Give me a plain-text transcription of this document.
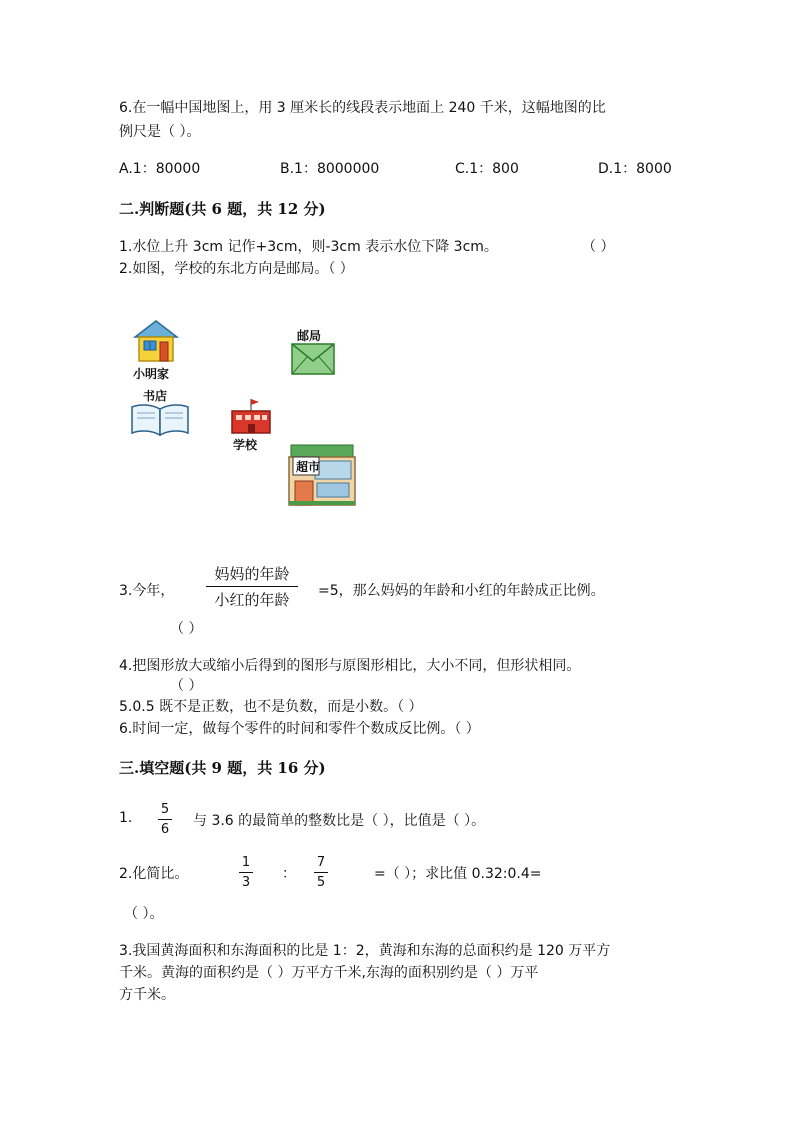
6.在一幅中国地图上，用 3 厘米长的线段表示地面上 240 千米，这幅地图的比
例尺是（ ）。
A.1：80000	B.1：8000000	C.1：800	D.1：8000
二.判断题(共 6 题，共 12 分)
1.水位上升 3cm 记作+3cm，则-3cm 表示水位下降 3cm。	（ ）
2.如图，学校的东北方向是邮局。（ ）
小明家
邮局
书店
学校
超市
3.今年，
妈妈的年龄
小红的年龄	=5，那么妈妈的年龄和小红的年龄成正比例。
（ ）
4.把图形放大或缩小后得到的图形与原图形相比，大小不同，但形状相同。
（ ）
5.0.5 既不是正数，也不是负数，而是小数。（ ）
6.时间一定，做每个零件的时间和零件个数成反比例。（ ）
三.填空题(共 9 题，共 16 分)
1.
5
6
与 3.6 的最简单的整数比是（ ），比值是（ ）。
2.化简比。
1
3
：
7
5
=（ ）；求比值 0.32:0.4=
（ ）。
3.我国黄海面积和东海面积的比是 1：2，黄海和东海的总面积约是 120 万平方
千米。黄海的面积约是（ ）万平方千米,东海的面积别约是（ ）万平
方千米。
